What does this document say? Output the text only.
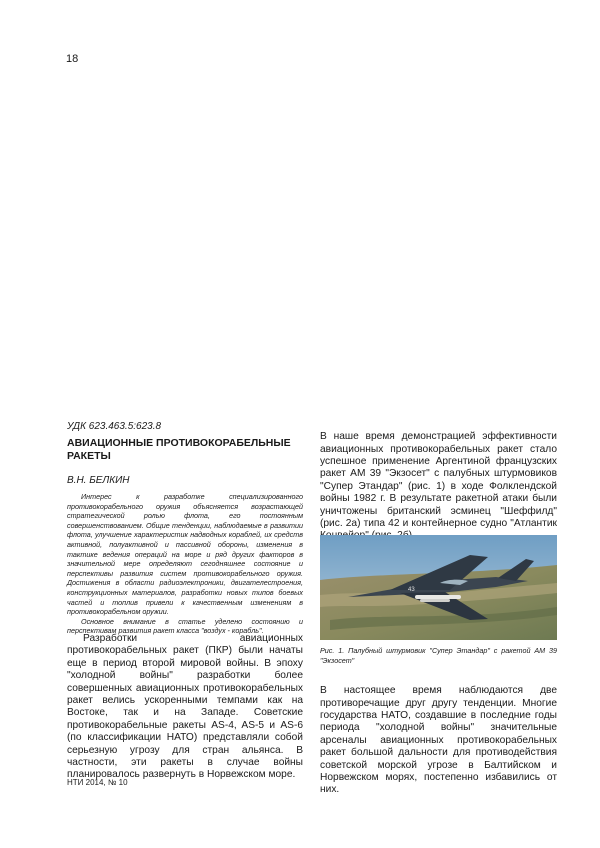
18
УДК 623.463.5:623.8
АВИАЦИОННЫЕ ПРОТИВОКОРАБЕЛЬНЫЕ РАКЕТЫ
В.Н. БЕЛКИН

Интерес к разработке специализированного противокорабельного оружия объясняется возрастающей стратегической ролью флота, его постоянным совершенствованием. Общие тенденции, наблюдаемые в развитии флота, улучшение характеристик надводных кораблей, их средств активной, полуактивной и пассивной обороны, изменения в тактике ведения операций на море и ряд других факторов в значительной мере определяют сегодняшнее состояние и перспективы развития систем противокорабельного оружия. Достижения в области радиоэлектроники, двигателестроения, конструкционных материалов, разработки новых типов боевых частей и топлив привели к качественным изменениям в противокорабельном оружии.

Основное внимание в статье уделено состоянию и перспективам развития ракет класса "воздух - корабль".

Разработки авиационных противокорабельных ракет (ПКР) были начаты еще в период второй мировой войны. В эпоху "холодной войны" разработки более совершенных авиационных противокорабельных ракет велись ускоренными темпами как на Востоке, так и на Западе. Советские противокорабельные ракеты AS-4, AS-5 и AS-6 (по классификации НАТО) представляли собой серьезную угрозу для стран альянса. В частности, эти ракеты в случае войны планировалось развернуть в Норвежском море.

В наше время демонстрацией эффективности авиационных противокорабельных ракет стало успешное применение Аргентиной французских ракет АМ 39 "Экзосет" с палубных штурмовиков "Супер Этандар" (рис. 1) в ходе Фолклендской войны 1982 г. В результате ракетной атаки были уничтожены британский эсминец "Шеффилд" (рис. 2а) типа 42 и контейнерное судно "Атлантик

43
Рис. 1. Палубный штурмовик "Супер Этандар" с ракетой АМ 39 "Экзосет"

В настоящее время наблюдаются две противоречащие друг другу тенденции. Многие государства НАТО, создавшие в последние годы периода "холодной войны" значительные арсеналы авиационных противокорабельных ракет большой дальности для противодействия советской морской угрозе в Балтийском и Норвежском морях, постепенно избавились от них.

НТИ 2014, № 10
